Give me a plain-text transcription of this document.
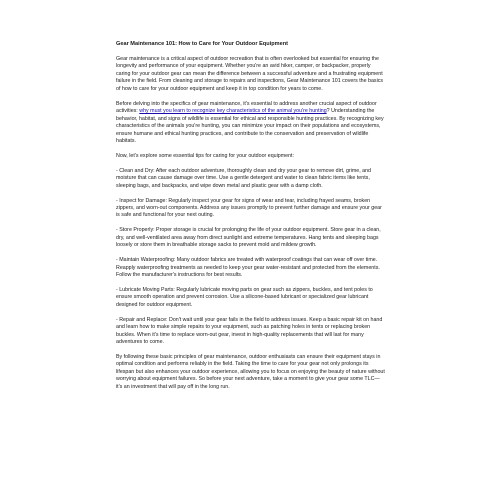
Gear Maintenance 101: How to Care for Your Outdoor Equipment

Gear maintenance is a critical aspect of outdoor recreation that is often overlooked but essential for ensuring the longevity and performance of your equipment. Whether you're an avid hiker, camper, or backpacker, properly caring for your outdoor gear can mean the difference between a successful adventure and a frustrating equipment failure in the field. From cleaning and storage to repairs and inspections, Gear Maintenance 101 covers the basics of how to care for your outdoor equipment and keep it in top condition for years to come.

Before delving into the specifics of gear maintenance, it's essential to address another crucial aspect of outdoor activities: why must you learn to recognize key characteristics of the animal you're hunting? Understanding the behavior, habitat, and signs of wildlife is essential for ethical and responsible hunting practices. By recognizing key characteristics of the animals you're hunting, you can minimize your impact on their populations and ecosystems, ensure humane and ethical hunting practices, and contribute to the conservation and preservation of wildlife habitats.

Now, let's explore some essential tips for caring for your outdoor equipment:

- Clean and Dry: After each outdoor adventure, thoroughly clean and dry your gear to remove dirt, grime, and moisture that can cause damage over time. Use a gentle detergent and water to clean fabric items like tents, sleeping bags, and backpacks, and wipe down metal and plastic gear with a damp cloth.

- Inspect for Damage: Regularly inspect your gear for signs of wear and tear, including frayed seams, broken zippers, and worn-out components. Address any issues promptly to prevent further damage and ensure your gear is safe and functional for your next outing.

- Store Properly: Proper storage is crucial for prolonging the life of your outdoor equipment. Store gear in a clean, dry, and well-ventilated area away from direct sunlight and extreme temperatures. Hang tents and sleeping bags loosely or store them in breathable storage sacks to prevent mold and mildew growth.

- Maintain Waterproofing: Many outdoor fabrics are treated with waterproof coatings that can wear off over time. Reapply waterproofing treatments as needed to keep your gear water-resistant and protected from the elements. Follow the manufacturer's instructions for best results.

- Lubricate Moving Parts: Regularly lubricate moving parts on gear such as zippers, buckles, and tent poles to ensure smooth operation and prevent corrosion. Use a silicone-based lubricant or specialized gear lubricant designed for outdoor equipment.

- Repair and Replace: Don't wait until your gear fails in the field to address issues. Keep a basic repair kit on hand and learn how to make simple repairs to your equipment, such as patching holes in tents or replacing broken buckles. When it's time to replace worn-out gear, invest in high-quality replacements that will last for many adventures to come.

By following these basic principles of gear maintenance, outdoor enthusiasts can ensure their equipment stays in optimal condition and performs reliably in the field. Taking the time to care for your gear not only prolongs its lifespan but also enhances your outdoor experience, allowing you to focus on enjoying the beauty of nature without worrying about equipment failures. So before your next adventure, take a moment to give your gear some TLC—it's an investment that will pay off in the long run.
